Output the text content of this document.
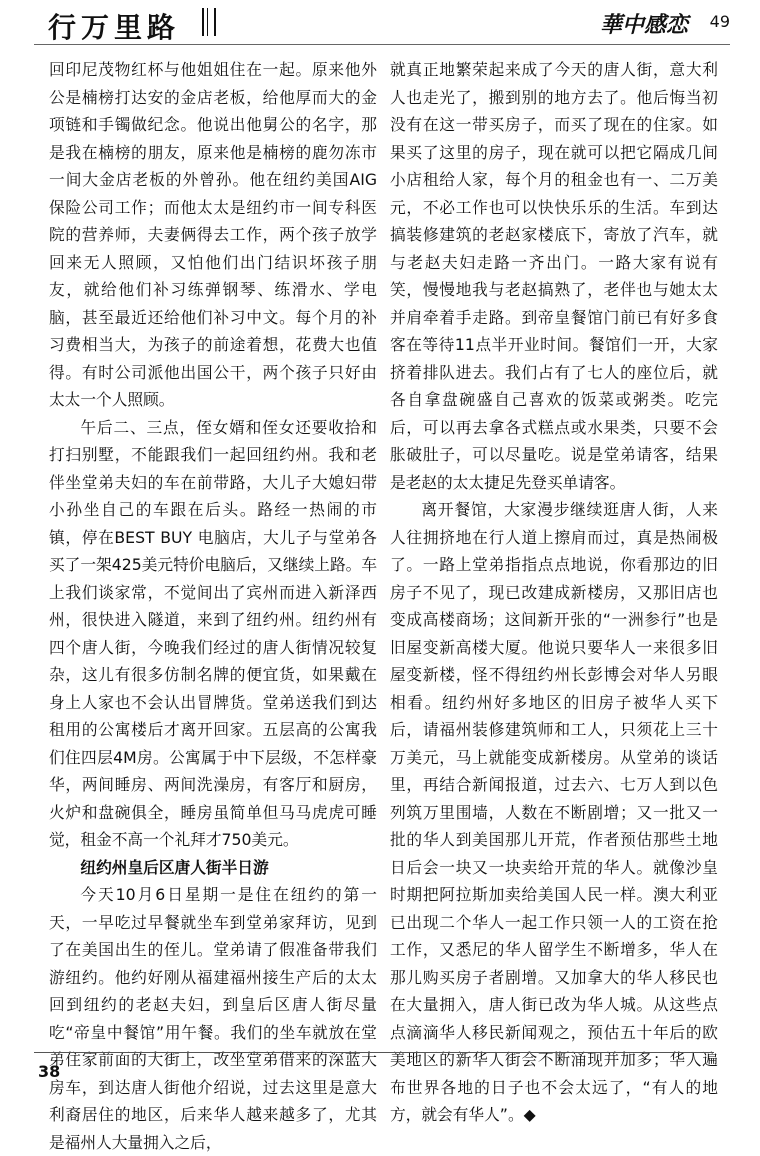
行万里路	華中感恋 49

回印尼茂物红杯与他姐姐住在一起。原来他外公是楠榜打达安的金店老板，给他厚而大的金项链和手镯做纪念。他说出他舅公的名字，那是我在楠榜的朋友，原来他是楠榜的鹿勿冻市一间大金店老板的外曾孙。他在纽约美国AIG 保险公司工作；而他太太是纽约市一间专科医院的营养师，夫妻俩得去工作，两个孩子放学回来无人照顾，又怕他们出门结识坏孩子朋友，就给他们补习练弹钢琴、练滑水、学电脑，甚至最近还给他们补习中文。每个月的补习费相当大，为孩子的前途着想，花费大也值得。有时公司派他出国公干，两个孩子只好由太太一个人照顾。

午后二、三点，侄女婿和侄女还要收拾和打扫别墅，不能跟我们一起回纽约州。我和老伴坐堂弟夫妇的车在前带路，大儿子大媳妇带小孙坐自己的车跟在后头。路经一热闹的市镇，停在BEST BUY 电脑店，大儿子与堂弟各买了一架425美元特价电脑后，又继续上路。车上我们谈家常，不觉间出了宾州而进入新泽西州，很快进入隧道，来到了纽约州。纽约州有四个唐人街，今晚我们经过的唐人街情况较复杂，这儿有很多仿制名牌的便宜货，如果戴在身上人家也不会认出冒牌货。堂弟送我们到达租用的公寓楼后才离开回家。五层高的公寓我们住四层4M房。公寓属于中下层级，不怎样豪华，两间睡房、两间洗澡房，有客厅和厨房，火炉和盘碗俱全，睡房虽简单但马马虎虎可睡觉，租金不高一个礼拜才750美元。

纽约州皇后区唐人街半日游

今天10月6日星期一是住在纽约的第一天，一早吃过早餐就坐车到堂弟家拜访，见到了在美国出生的侄儿。堂弟请了假准备带我们游纽约。他约好刚从福建福州接生产后的太太回到纽约的老赵夫妇，到皇后区唐人街尽量吃“帝皇中餐馆”用午餐。我们的坐车就放在堂弟住家前面的大街上，改坐堂弟借来的深蓝大房车，到达唐人街他介绍说，过去这里是意大利裔居住的地区，后来华人越来越多了，尤其是福州人大量拥入之后，

就真正地繁荣起来成了今天的唐人街，意大利人也走光了，搬到别的地方去了。他后悔当初没有在这一带买房子，而买了现在的住家。如果买了这里的房子，现在就可以把它隔成几间小店租给人家，每个月的租金也有一、二万美元，不必工作也可以快快乐乐的生活。车到达搞装修建筑的老赵家楼底下，寄放了汽车，就与老赵夫妇走路一齐出门。一路大家有说有笑，慢慢地我与老赵搞熟了，老伴也与她太太并肩牵着手走路。到帝皇餐馆门前已有好多食客在等待11点半开业时间。餐馆们一开，大家挤着排队进去。我们占有了七人的座位后，就各自拿盘碗盛自己喜欢的饭菜或粥类。吃完后，可以再去拿各式糕点或水果类，只要不会胀破肚子，可以尽量吃。说是堂弟请客，结果是老赵的太太捷足先登买单请客。

离开餐馆，大家漫步继续逛唐人街，人来人往拥挤地在行人道上擦肩而过，真是热闹极了。一路上堂弟指指点点地说，你看那边的旧房子不见了，现已改建成新楼房，又那旧店也变成高楼商场；这间新开张的“一洲参行”也是旧屋变新高楼大厦。他说只要华人一来很多旧屋变新楼，怪不得纽约州长彭博会对华人另眼相看。纽约州好多地区的旧房子被华人买下后，请福州装修建筑师和工人，只须花上三十万美元，马上就能变成新楼房。从堂弟的谈话里，再结合新闻报道，过去六、七万人到以色列筑万里围墙，人数在不断剧增；又一批又一批的华人到美国那儿开荒，作者预估那些土地日后会一块又一块卖给开荒的华人。就像沙皇时期把阿拉斯加卖给美国人民一样。澳大利亚已出现二个华人一起工作只领一人的工资在抢工作，又悉尼的华人留学生不断增多，华人在那儿购买房子者剧增。又加拿大的华人移民也在大量拥入，唐人街已改为华人城。从这些点点滴滴华人移民新闻观之，预估五十年后的欧美地区的新华人街会不断涌现并加多；华人遍布世界各地的日子也不会太远了，“有人的地方，就会有华人”。◆

38
